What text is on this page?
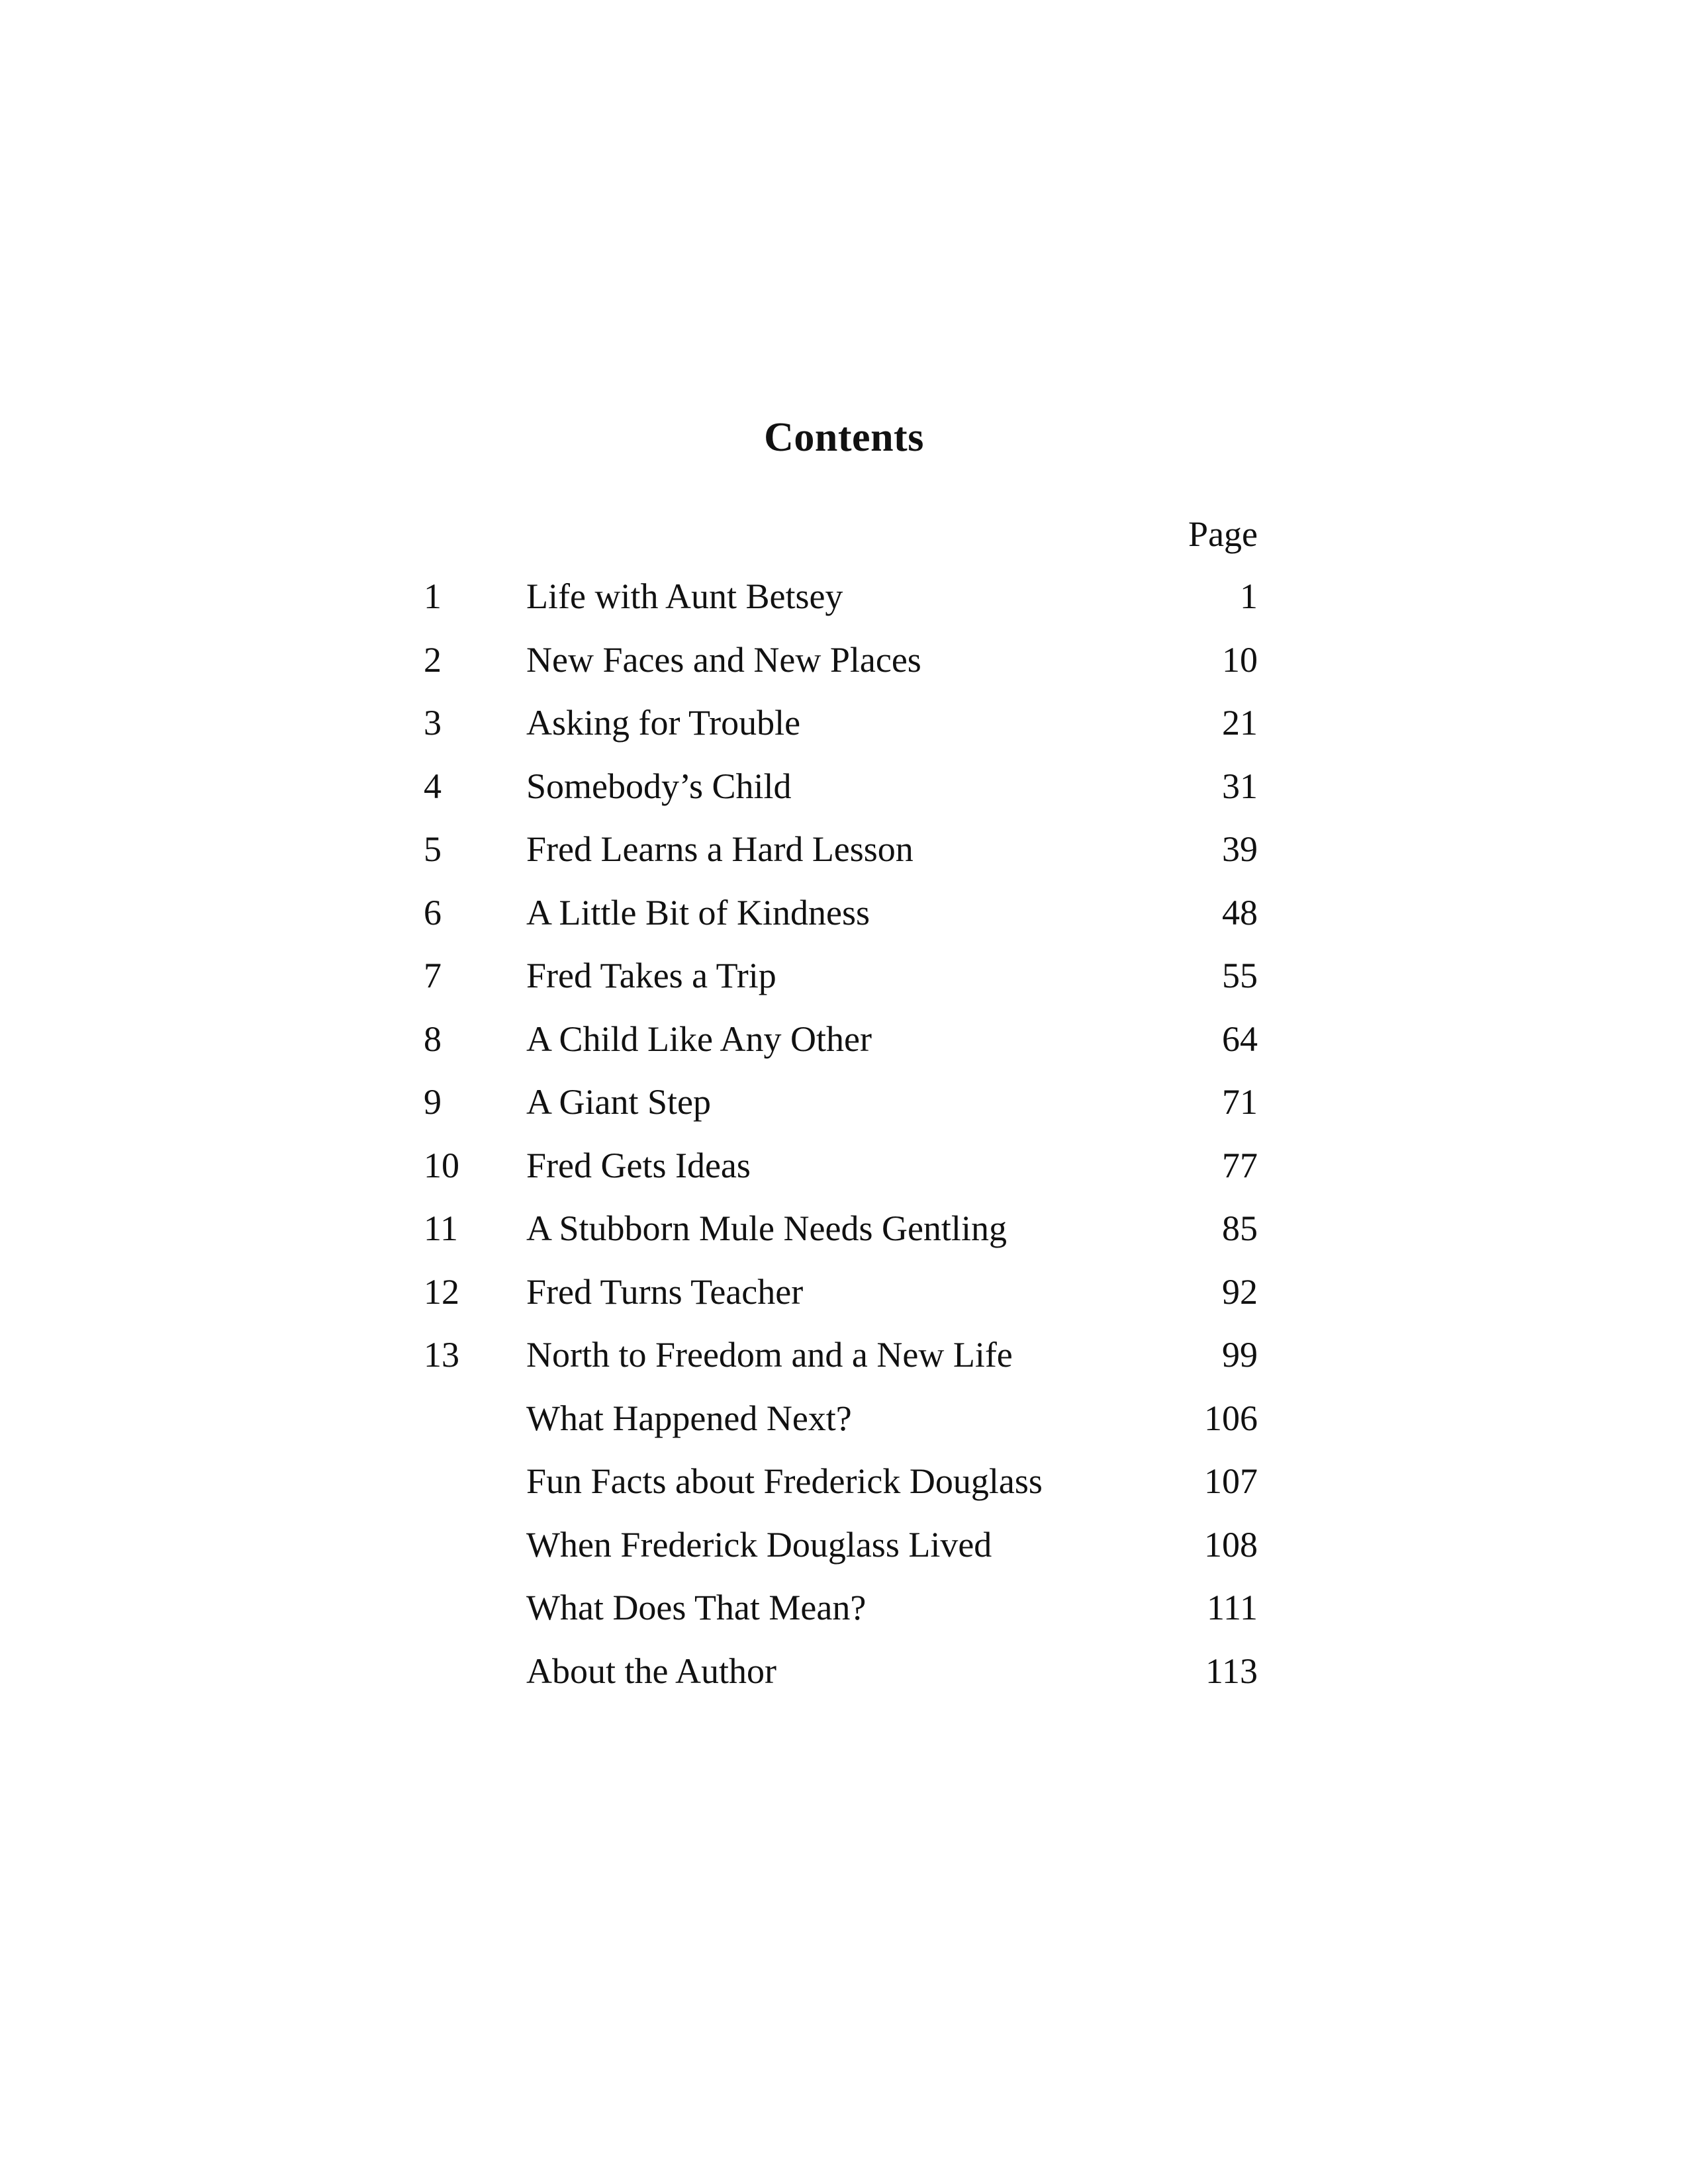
Contents
Page
1	Life with Aunt Betsey	1
2	New Faces and New Places	10
3	Asking for Trouble	21
4	Somebody’s Child	31
5	Fred Learns a Hard Lesson	39
6	A Little Bit of Kindness	48
7	Fred Takes a Trip	55
8	A Child Like Any Other	64
9	A Giant Step	71
10	Fred Gets Ideas	77
11	A Stubborn Mule Needs Gentling	85
12	Fred Turns Teacher	92
13	North to Freedom and a New Life	99
What Happened Next?	106
Fun Facts about Frederick Douglass	107
When Frederick Douglass Lived	108
What Does That Mean?	111
About the Author	113
